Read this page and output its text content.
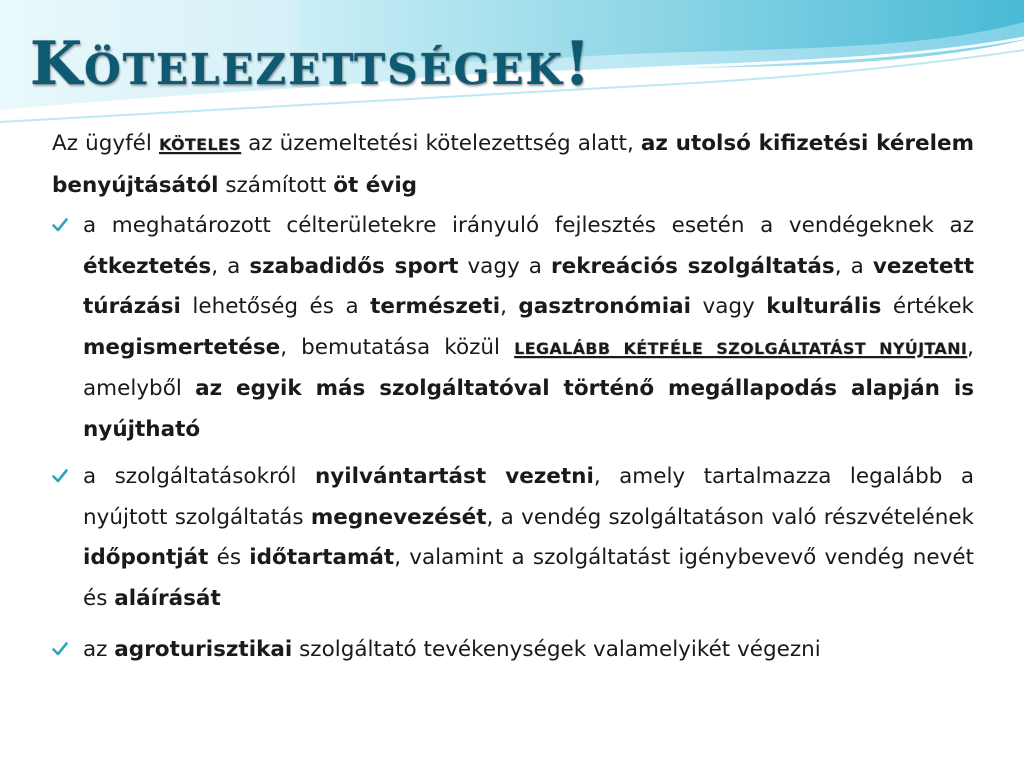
Kötelezettségek!

Az ügyfél KÖTELES az üzemeltetési kötelezettség alatt, az utolsó kifizetési kérelem benyújtásától számított öt évig

a meghatározott célterületekre irányuló fejlesztés esetén a vendégeknek az étkeztetés, a szabadidős sport vagy a rekreációs szolgáltatás, a vezetett túrázási lehetőség és a természeti, gasztronómiai vagy kulturális értékek megismertetése, bemutatása közül LEGALÁBB KÉTFÉLE SZOLGÁLTATÁST NYÚJTANI, amelyből az egyik más szolgáltatóval történő megállapodás alapján is nyújtható
a szolgáltatásokról nyilvántartást vezetni, amely tartalmazza legalább a nyújtott szolgáltatás megnevezését, a vendég szolgáltatáson való részvételének időpontját és időtartamát, valamint a szolgáltatást igénybevevő vendég nevét és aláírását
az agroturisztikai szolgáltató tevékenységek valamelyikét végezni
